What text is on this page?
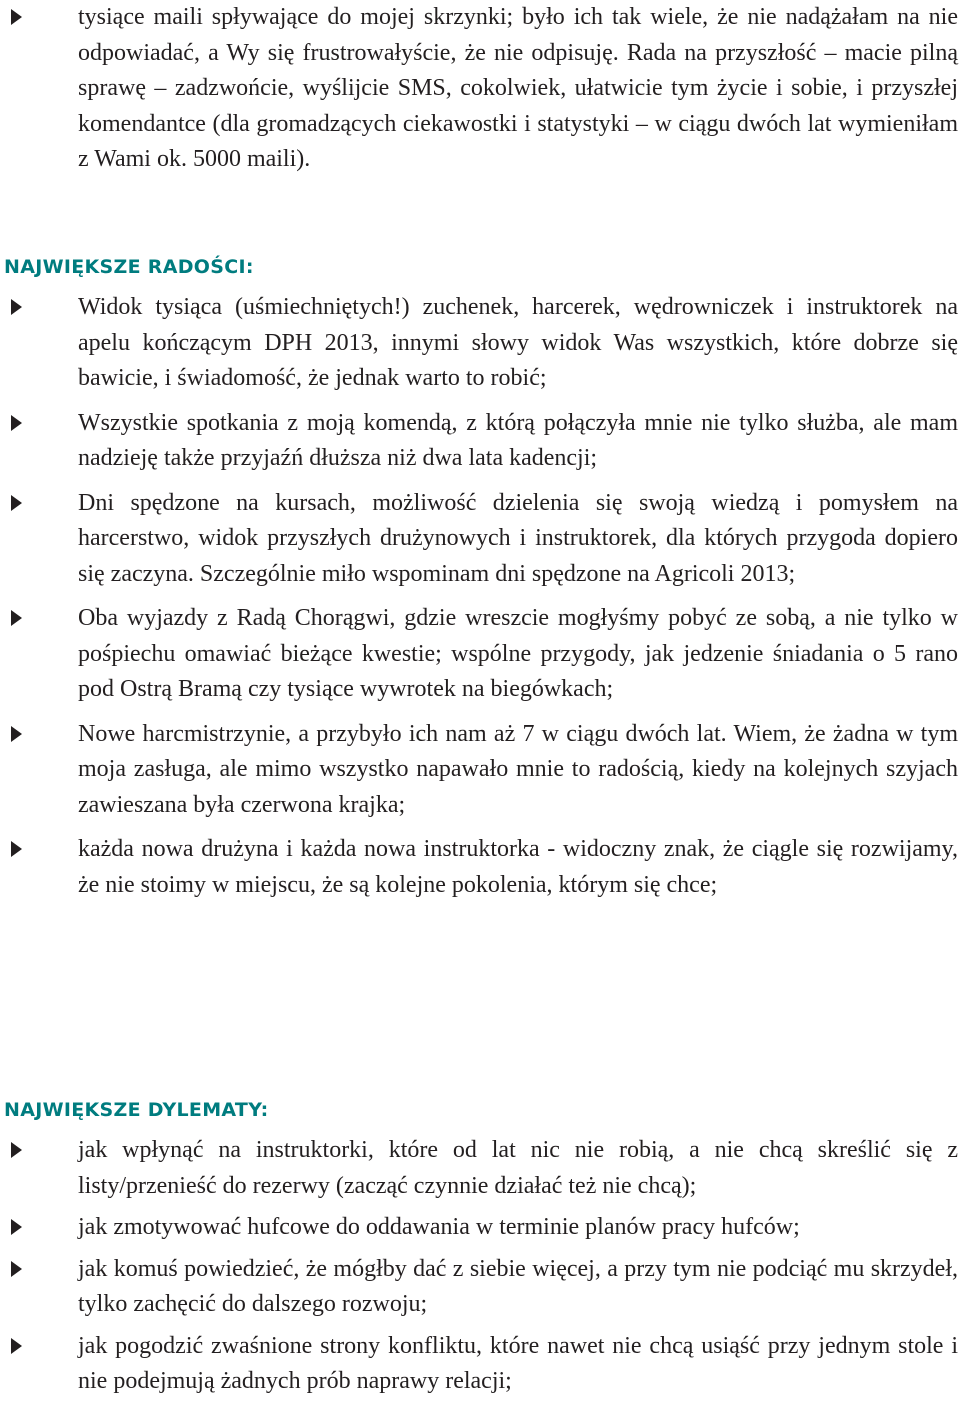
tysiące maili spływające do mojej skrzynki; było ich tak wiele, że nie nadążałam na nie odpowiadać, a Wy się frustrowałyście, że nie odpisuję. Rada na przyszłość – macie pilną sprawę – zadzwońcie, wyślijcie SMS, cokolwiek, ułatwicie tym życie i sobie, i przyszłej komendantce (dla gromadzących ciekawostki i statystyki – w ciągu dwóch lat wymieniłam z Wami ok. 5000 maili).
NAJWIĘKSZE RADOŚCI:
Widok tysiąca (uśmiechniętych!) zuchenek, harcerek, wędrowniczek i instruktorek na apelu kończącym DPH 2013, innymi słowy widok Was wszystkich, które dobrze się bawicie, i świadomość, że jednak warto to robić;
Wszystkie spotkania z moją komendą, z którą połączyła mnie nie tylko służba, ale mam nadzieję także przyjaźń dłuższa niż dwa lata kadencji;
Dni spędzone na kursach, możliwość dzielenia się swoją wiedzą i pomysłem na harcerstwo, widok przyszłych drużynowych i instruktorek, dla których przygoda dopiero się zaczyna. Szczególnie miło wspominam dni spędzone na Agricoli 2013;
Oba wyjazdy z Radą Chorągwi, gdzie wreszcie mogłyśmy pobyć ze sobą, a nie tylko w pośpiechu omawiać bieżące kwestie; wspólne przygody, jak jedzenie śniadania o 5 rano pod Ostrą Bramą czy tysiące wywrotek na biegówkach;
Nowe harcmistrzynie, a przybyło ich nam aż 7 w ciągu dwóch lat. Wiem, że żadna w tym moja zasługa, ale mimo wszystko napawało mnie to radością, kiedy na kolejnych szyjach zawieszana była czerwona krajka;
każda nowa drużyna i każda nowa instruktorka - widoczny znak, że ciągle się rozwijamy, że nie stoimy w miejscu, że są kolejne pokolenia, którym się chce;
NAJWIĘKSZE DYLEMATY:
jak wpłynąć na instruktorki, które od lat nic nie robią, a nie chcą skreślić się z listy/przenieść do rezerwy (zacząć czynnie działać też nie chcą);
jak zmotywować hufcowe do oddawania w terminie planów pracy hufców;
jak komuś powiedzieć, że mógłby dać z siebie więcej, a przy tym nie podciąć mu skrzydeł, tylko zachęcić do dalszego rozwoju;
jak pogodzić zwaśnione strony konfliktu, które nawet nie chcą usiąść przy jednym stole i nie podejmują żadnych prób naprawy relacji;
